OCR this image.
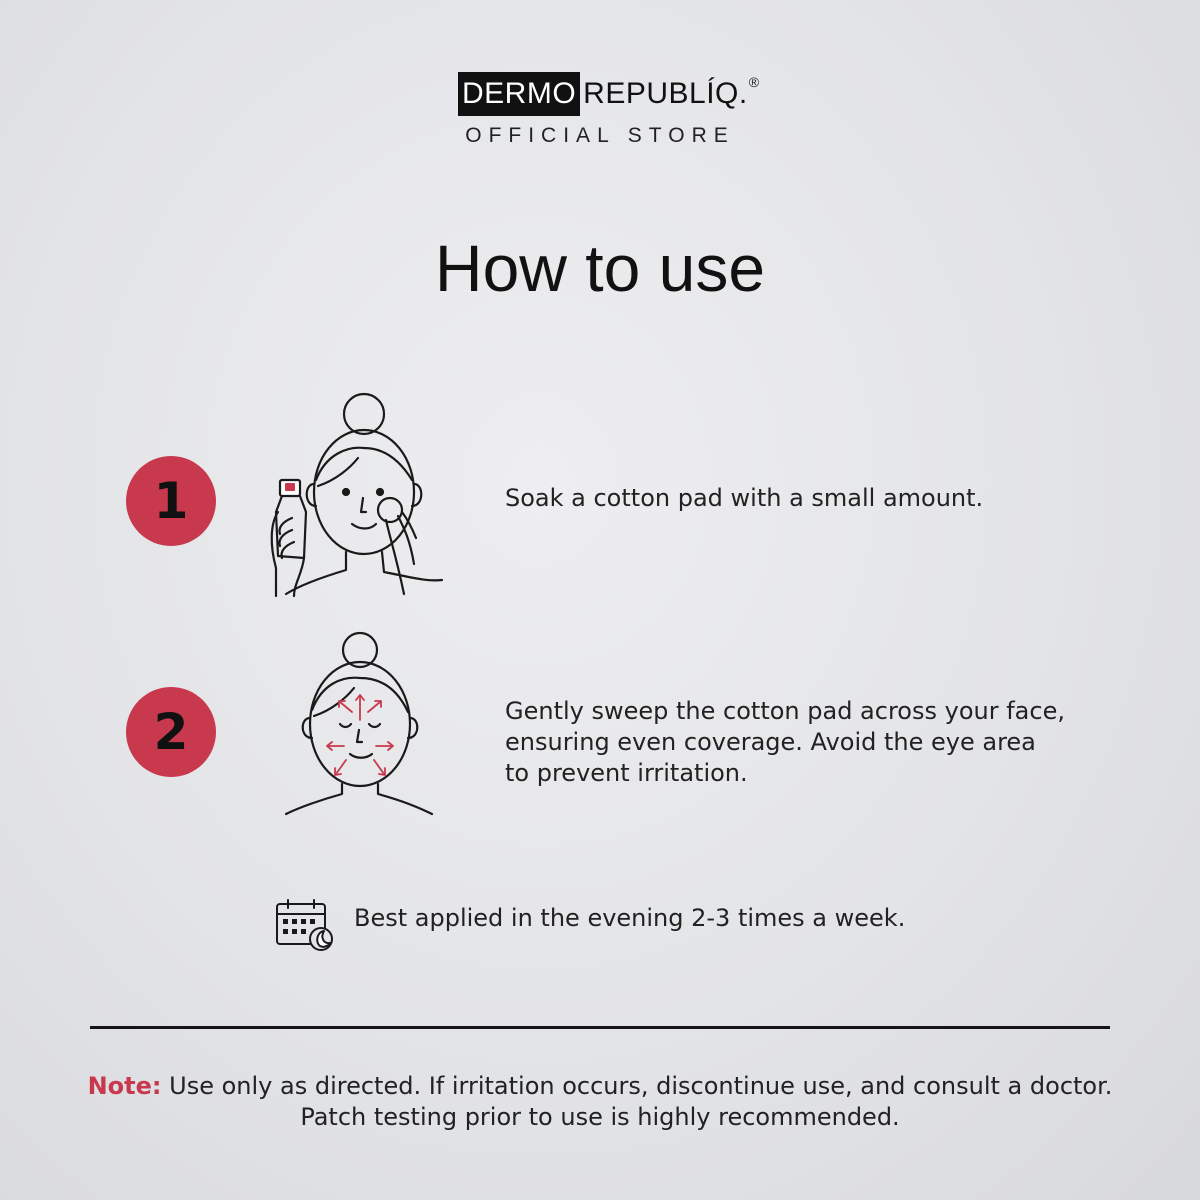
DERMO REPUBLÍQ. ®
OFFICIAL STORE
How to use
1	Soak a cotton pad with a small amount.

2	Gently sweep the cotton pad across your face,
ensuring even coverage. Avoid the eye area
to prevent irritation.

Best applied in the evening 2-3 times a week.

Note: Use only as directed. If irritation occurs, discontinue use, and consult a doctor.
Patch testing prior to use is highly recommended.
